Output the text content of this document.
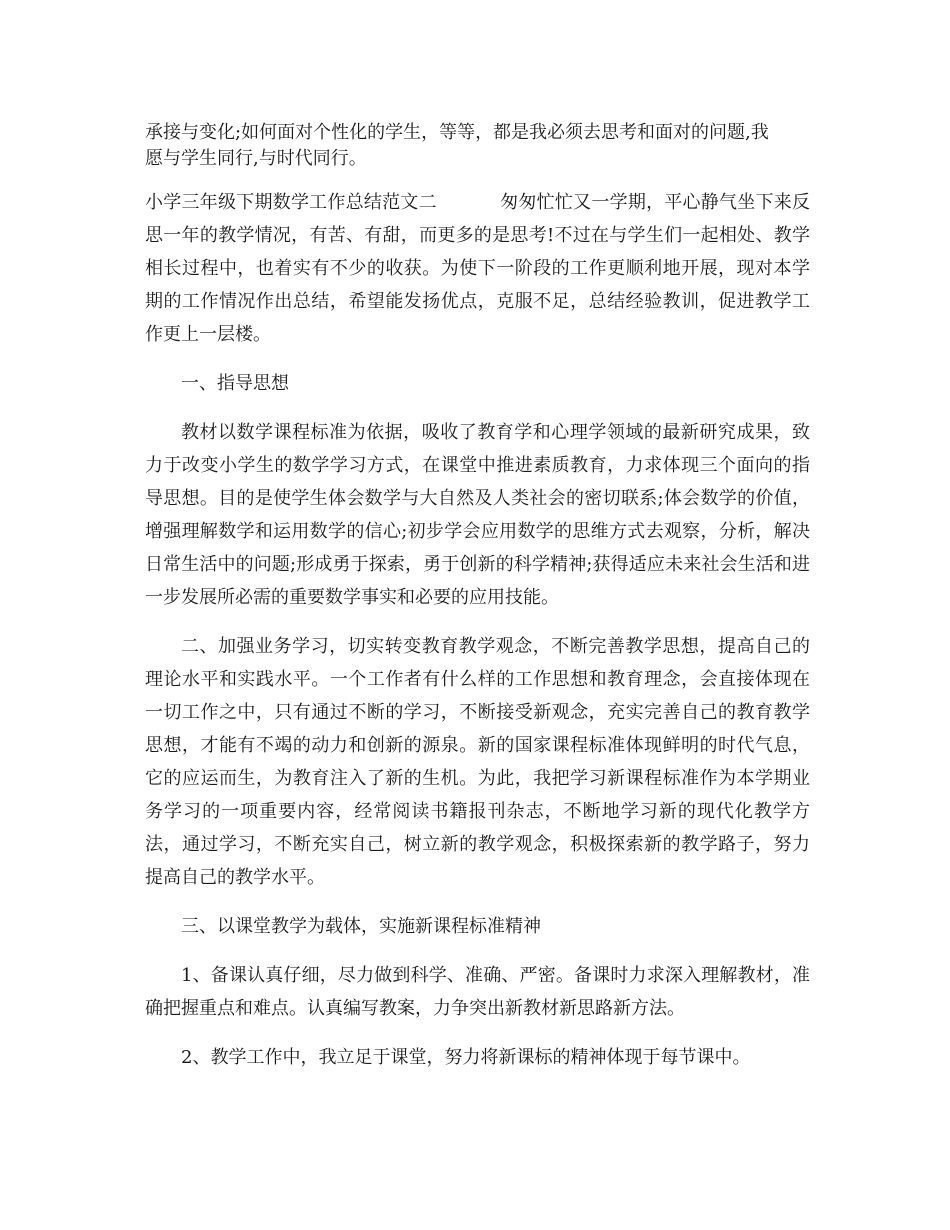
承接与变化;如何面对个性化的学生，等等，都是我必须去思考和面对的问题,我

愿与学生同行,与时代同行。

小学三年级下期数学工作总结范文二	匆匆忙忙又一学期，平心静气坐下来反思一年的教学情况，有苦、有甜，而更多的是思考!不过在与学生们一起相处、教学相长过程中，也着实有不少的收获。为使下一阶段的工作更顺利地开展，现对本学期的工作情况作出总结，希望能发扬优点，克服不足，总结经验教训，促进教学工作更上一层楼。

一、指导思想

教材以数学课程标准为依据，吸收了教育学和心理学领域的最新研究成果，致力于改变小学生的数学学习方式，在课堂中推进素质教育，力求体现三个面向的指导思想。目的是使学生体会数学与大自然及人类社会的密切联系;体会数学的价值，增强理解数学和运用数学的信心;初步学会应用数学的思维方式去观察，分析，解决日常生活中的问题;形成勇于探索，勇于创新的科学精神;获得适应未来社会生活和进一步发展所必需的重要数学事实和必要的应用技能。

二、加强业务学习，切实转变教育教学观念，不断完善教学思想，提高自己的理论水平和实践水平。一个工作者有什么样的工作思想和教育理念，会直接体现在一切工作之中，只有通过不断的学习，不断接受新观念，充实完善自己的教育教学思想，才能有不竭的动力和创新的源泉。新的国家课程标准体现鲜明的时代气息，它的应运而生，为教育注入了新的生机。为此，我把学习新课程标准作为本学期业务学习的一项重要内容，经常阅读书籍报刊杂志，不断地学习新的现代化教学方法，通过学习，不断充实自己，树立新的教学观念，积极探索新的教学路子，努力提高自己的教学水平。

三、以课堂教学为载体，实施新课程标准精神

1、备课认真仔细，尽力做到科学、准确、严密。备课时力求深入理解教材，准确把握重点和难点。认真编写教案，力争突出新教材新思路新方法。

2、教学工作中，我立足于课堂，努力将新课标的精神体现于每节课中。
